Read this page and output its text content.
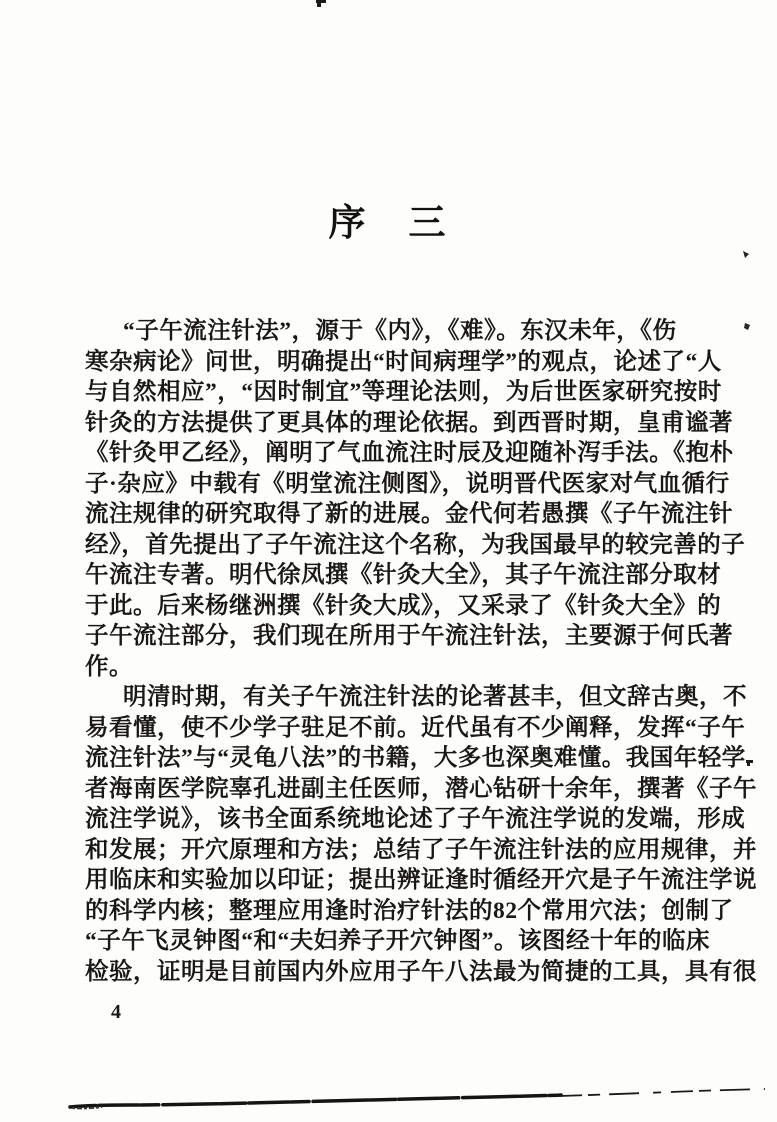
序　三
“子午流注针法”，源于《内》，《难》。东汉未年，《伤
寒杂病论》问世，明确提出“时间病理学”的观点，论述了“人
与自然相应”，“因时制宜”等理论法则，为后世医家研究按时
针灸的方法提供了更具体的理论依据。到西晋时期，皇甫谧著
《针灸甲乙经》，阐明了气血流注时辰及迎随补泻手法。《抱朴
子·杂应》中载有《明堂流注侧图》，说明晋代医家对气血循行
流注规律的研究取得了新的进展。金代何若愚撰《子午流注针
经》，首先提出了子午流注这个名称，为我国最早的较完善的子
午流注专著。明代徐凤撰《针灸大全》，其子午流注部分取材
于此。后来杨继洲撰《针灸大成》，又采录了《针灸大全》的
子午流注部分，我们现在所用于午流注针法，主要源于何氏著
作。
明清时期，有关子午流注针法的论著甚丰，但文辞古奥，不
易看懂，使不少学子驻足不前。近代虽有不少阐释，发挥“子午
流注针法”与“灵龟八法”的书籍，大多也深奥难懂。我国年轻学
者海南医学院辜孔进副主任医师，潜心钻研十余年，撰著《子午
流注学说》，该书全面系统地论述了子午流注学说的发端，形成
和发展；开穴原理和方法；总结了子午流注针法的应用规律，并
用临床和实验加以印证；提出辨证逢时循经开穴是子午流注学说
的科学内核；整理应用逢时治疗针法的82个常用穴法；创制了
“子午飞灵钟图“和“夫妇养子开穴钟图”。该图经十年的临床
检验，证明是目前国内外应用子午八法最为简捷的工具，具有很
4
